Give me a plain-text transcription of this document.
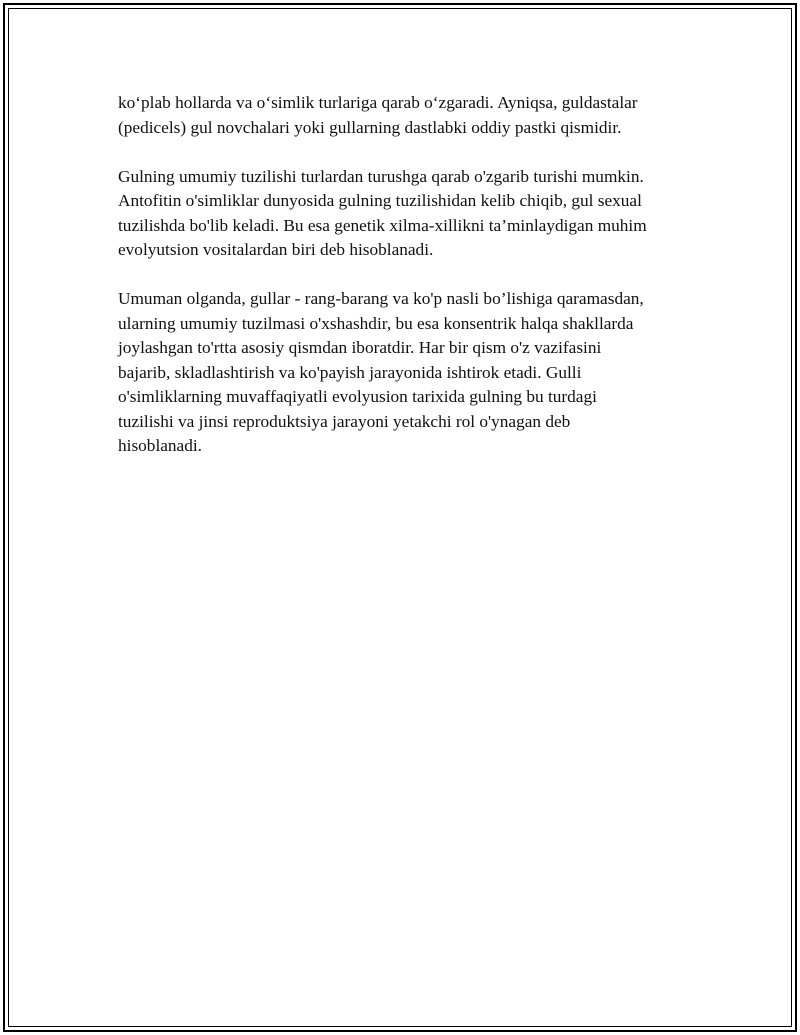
ko‘plab hollarda va o‘simlik turlariga qarab o‘zgaradi. Ayniqsa, guldastalar
(pedicels) gul novchalari yoki gullarning dastlabki oddiy pastki qismidir.

Gulning umumiy tuzilishi turlardan turushga qarab o'zgarib turishi mumkin.
Antofitin o'simliklar dunyosida gulning tuzilishidan kelib chiqib, gul sexual
tuzilishda bo'lib keladi. Bu esa genetik xilma-xillikni ta’minlaydigan muhim
evolyutsion vositalardan biri deb hisoblanadi.

Umuman olganda, gullar - rang-barang va ko'p nasli bo’lishiga qaramasdan,
ularning umumiy tuzilmasi o'xshashdir, bu esa konsentrik halqa shakllarda
joylashgan to'rtta asosiy qismdan iboratdir. Har bir qism o'z vazifasini
bajarib, skladlashtirish va ko'payish jarayonida ishtirok etadi. Gulli
o'simliklarning muvaffaqiyatli evolyusion tarixida gulning bu turdagi
tuzilishi va jinsi reproduktsiya jarayoni yetakchi rol o'ynagan deb
hisoblanadi.
